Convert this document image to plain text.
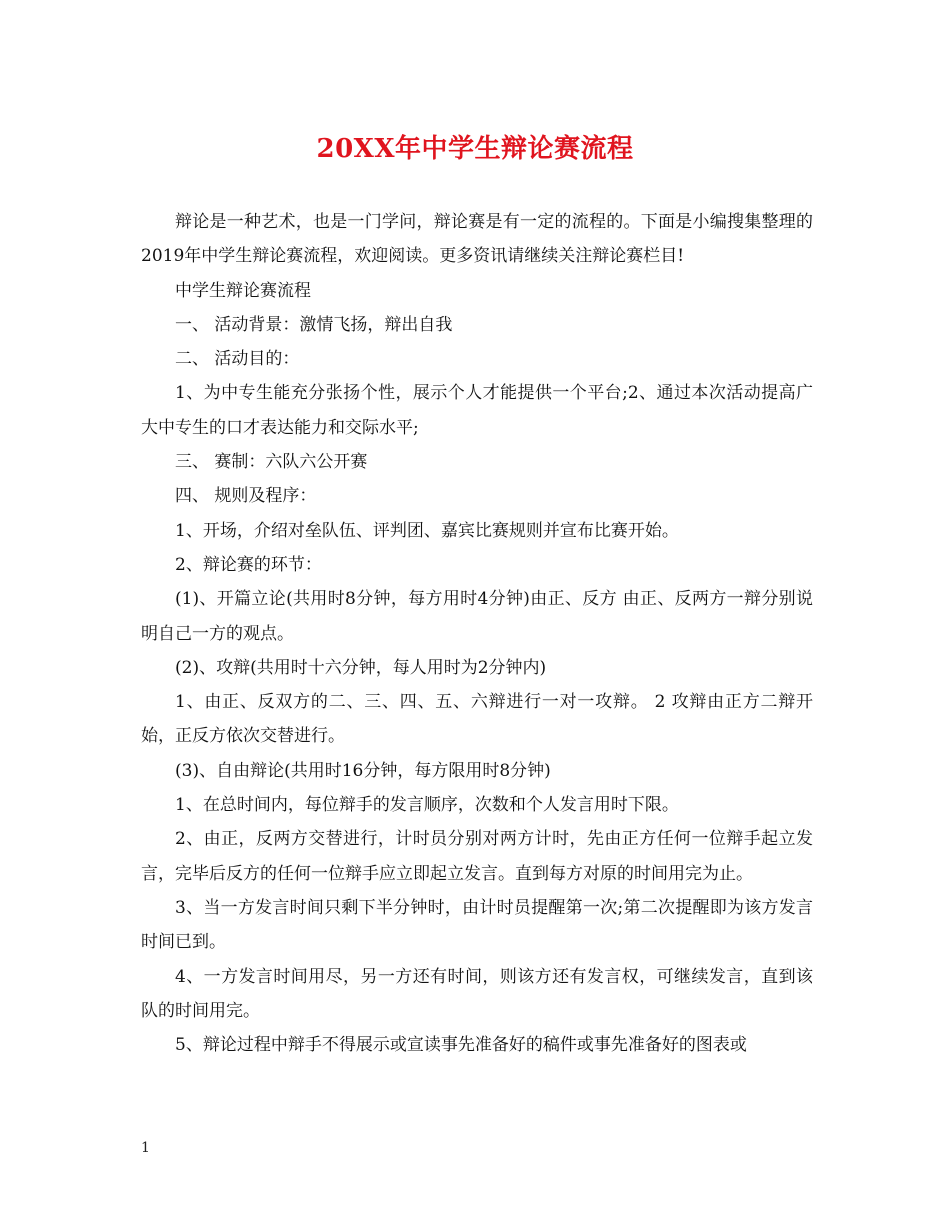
20XX年中学生辩论赛流程

辩论是一种艺术，也是一门学问，辩论赛是有一定的流程的。下面是小编搜集整理的2019年中学生辩论赛流程，欢迎阅读。更多资讯请继续关注辩论赛栏目!

中学生辩论赛流程

一、 活动背景：激情飞扬，辩出自我

二、 活动目的：

1、为中专生能充分张扬个性，展示个人才能提供一个平台;2、通过本次活动提高广大中专生的口才表达能力和交际水平;

三、 赛制：六队六公开赛

四、 规则及程序：

1、开场，介绍对垒队伍、评判团、嘉宾比赛规则并宣布比赛开始。

2、辩论赛的环节：

(1)、开篇立论(共用时8分钟，每方用时4分钟)由正、反方 由正、反两方一辩分别说明自己一方的观点。

(2)、攻辩(共用时十六分钟，每人用时为2分钟内)

1、由正、反双方的二、三、四、五、六辩进行一对一攻辩。 2 攻辩由正方二辩开始，正反方依次交替进行。

(3)、自由辩论(共用时16分钟，每方限用时8分钟)

1、在总时间内，每位辩手的发言顺序，次数和个人发言用时下限。

2、由正，反两方交替进行，计时员分别对两方计时，先由正方任何一位辩手起立发言，完毕后反方的任何一位辩手应立即起立发言。直到每方对原的时间用完为止。

3、当一方发言时间只剩下半分钟时，由计时员提醒第一次;第二次提醒即为该方发言时间已到。

4、一方发言时间用尽，另一方还有时间，则该方还有发言权，可继续发言，直到该队的时间用完。

5、辩论过程中辩手不得展示或宣读事先准备好的稿件或事先准备好的图表或

1
